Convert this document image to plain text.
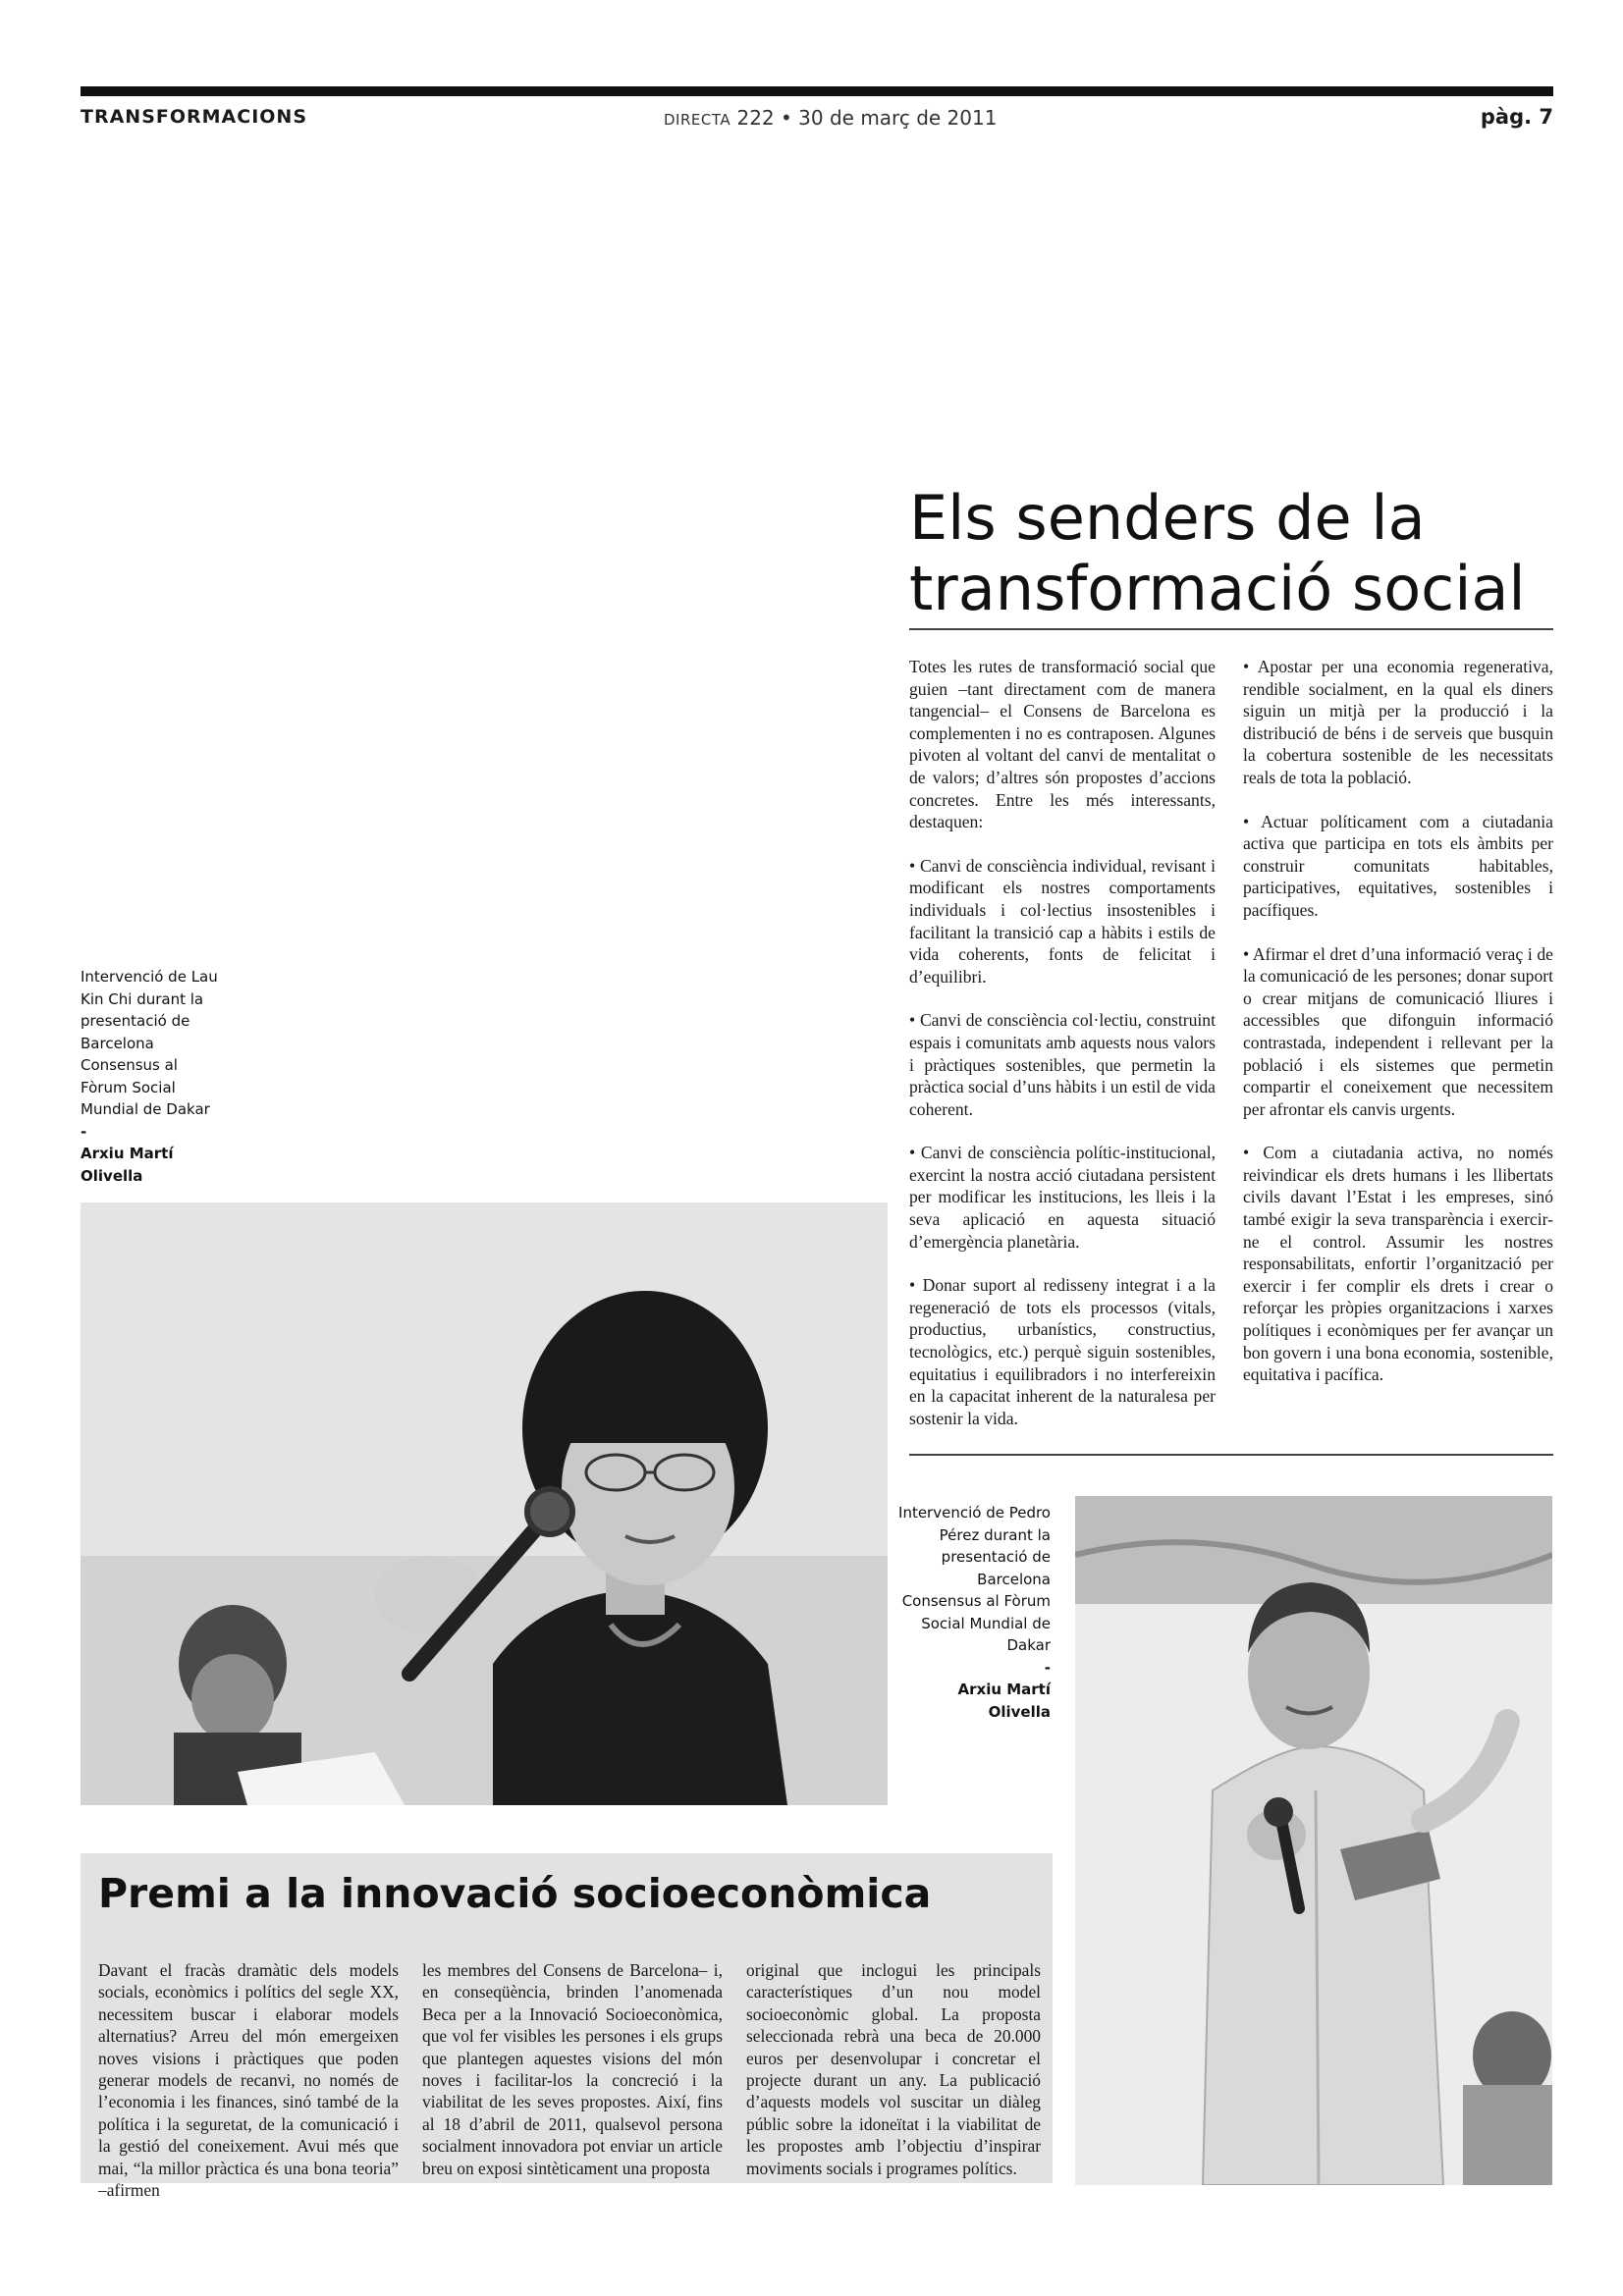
TRANSFORMACIONS	DIRECTA 222 • 30 de març de 2011	pàg. 7
Els senders de la
transformació social

Totes les rutes de transformació social que guien –tant directament com de manera tangencial– el Consens de Barcelona es complementen i no es contraposen. Algunes pivoten al voltant del canvi de mentalitat o de valors; d’altres són propostes d’accions concretes. Entre les més interessants, destaquen:

• Canvi de consciència individual, revisant i modificant els nostres comportaments individuals i col·lectius insostenibles i facilitant la transició cap a hàbits i estils de vida coherents, fonts de felicitat i d’equilibri.

• Canvi de consciència col·lectiu, construint espais i comunitats amb aquests nous valors i pràctiques sostenibles, que permetin la pràctica social d’uns hàbits i un estil de vida coherent.

• Canvi de consciència polític-institucional, exercint la nostra acció ciutadana persistent per modificar les institucions, les lleis i la seva aplicació en aquesta situació d’emergència planetària.

• Donar suport al redisseny integrat i a la regeneració de tots els processos (vitals, productius, urbanístics, constructius, tecnològics, etc.) perquè siguin sostenibles, equitatius i equilibradors i no interfereixin en la capacitat inherent de la naturalesa per sostenir la vida.

• Apostar per una economia regenerativa, rendible socialment, en la qual els diners siguin un mitjà per la producció i la distribució de béns i de serveis que busquin la cobertura sostenible de les necessitats reals de tota la població.

• Actuar políticament com a ciutadania activa que participa en tots els àmbits per construir comunitats habitables, participatives, equitatives, sostenibles i pacífiques.

• Afirmar el dret d’una informació veraç i de la comunicació de les persones; donar suport o crear mitjans de comunicació lliures i accessibles que difonguin informació contrastada, independent i rellevant per la població i els sistemes que permetin compartir el coneixement que necessitem per afrontar els canvis urgents.

• Com a ciutadania activa, no només reivindicar els drets humans i les llibertats civils davant l’Estat i les empreses, sinó també exigir la seva transparència i exercir-ne el control. Assumir les nostres responsabilitats, enfortir l’organització per exercir i fer complir els drets i crear o reforçar les pròpies organitzacions i xarxes polítiques i econòmiques per fer avançar un bon govern i una bona economia, sostenible, equitativa i pacífica.

Intervenció de Lau Kin Chi durant la presentació de Barcelona Consensus al Fòrum Social Mundial de Dakar
-
Arxiu Martí Olivella
Intervenció de Pedro Pérez durant la presentació de Barcelona Consensus al Fòrum Social Mundial de Dakar
-
Arxiu Martí Olivella
Premi a la innovació socioeconòmica
Davant el fracàs dramàtic dels models socials, econòmics i polítics del segle XX, necessitem buscar i elaborar models alternatius? Arreu del món emergeixen noves visions i pràctiques que poden generar models de recanvi, no només de l’economia i les finances, sinó també de la política i la seguretat, de la comunicació i la gestió del coneixement. Avui més que mai, “la millor pràctica és una bona teoria” –afirmen
les membres del Consens de Barcelona– i, en conseqüència, brinden l’anomenada Beca per a la Innovació Socioeconòmica, que vol fer visibles les persones i els grups que plantegen aquestes visions del món noves i facilitar-los la concreció i la viabilitat de les seves propostes. Així, fins al 18 d’abril de 2011, qualsevol persona socialment innovadora pot enviar un article breu on exposi sintèticament una proposta
original que inclogui les principals característiques d’un nou model socioeconòmic global. La proposta seleccionada rebrà una beca de 20.000 euros per desenvolupar i concretar el projecte durant un any. La publicació d’aquests models vol suscitar un diàleg públic sobre la idoneïtat i la viabilitat de les propostes amb l’objectiu d’inspirar moviments socials i programes polítics.
